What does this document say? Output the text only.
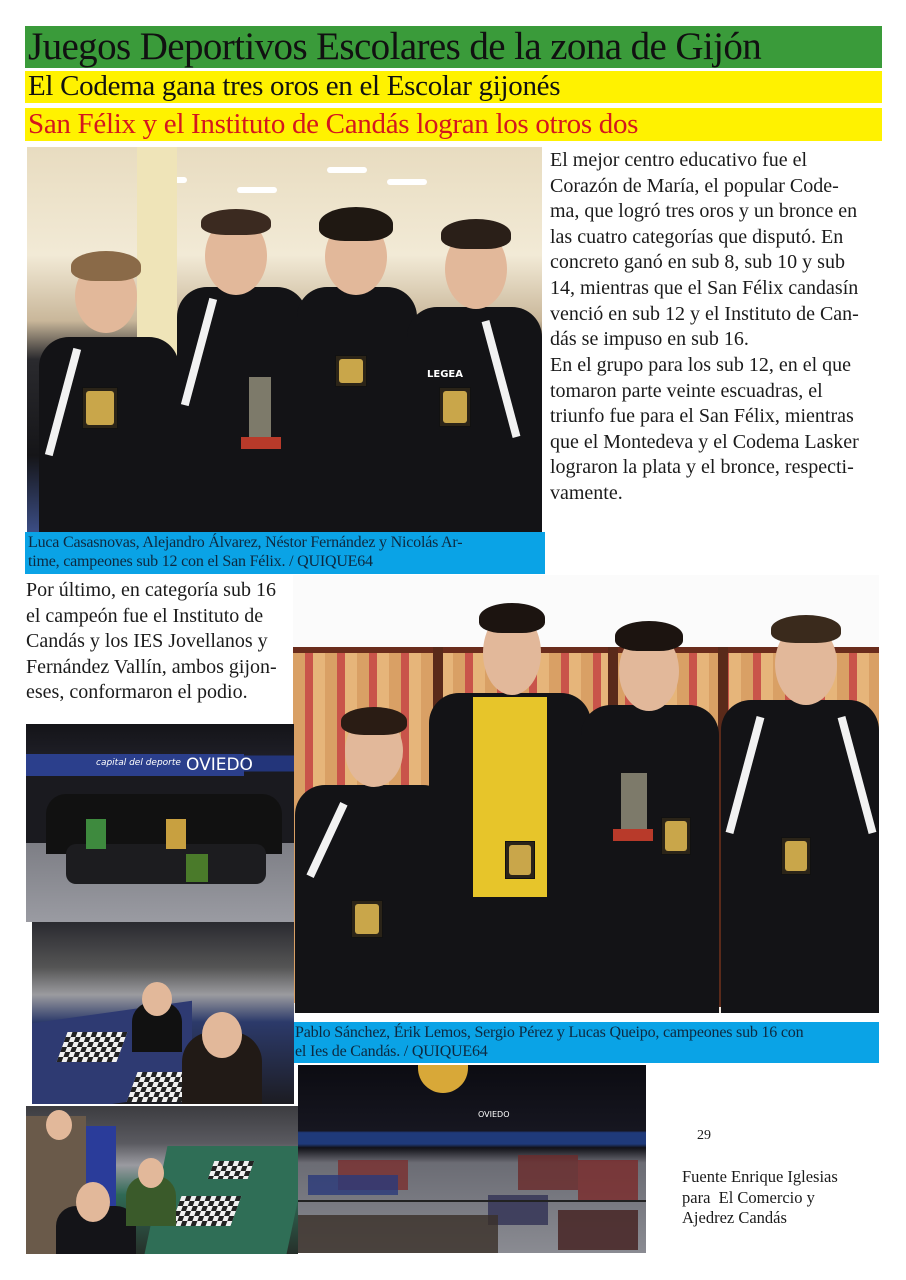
Juegos Deportivos Escolares de la zona de Gijón
El Codema gana tres oros en el Escolar gijonés
San Félix y el Instituto de Candás logran los otros dos
LEGEA
Luca Casasnovas, Alejandro Álvarez, Néstor Fernández y Nicolás Ar-
time, campeones sub 12 con el San Félix. / QUIQUE64
El mejor centro educativo fue el
Corazón de María, el popular Code-
ma, que logró tres oros y un bronce en
las cuatro categorías que disputó. En
concreto ganó en sub 8, sub 10 y sub
14, mientras que el San Félix candasín
venció en sub 12 y el Instituto de Can-
dás se impuso en sub 16.
En el grupo para los sub 12, en el que
tomaron parte veinte escuadras, el
triunfo fue para el San Félix, mientras
que el Montedeva y el Codema Lasker
lograron la plata y el bronce, respecti-
vamente.
Por último, en categoría sub 16
el campeón fue el Instituto de
Candás y los IES Jovellanos y
Fernández Vallín, ambos gijon-
eses, conformaron el podio.
Pablo Sánchez, Érik Lemos, Sergio Pérez y Lucas Queipo, campeones sub 16 con
el Ies de Candás. / QUIQUE64
OVIEDO
capital del deporte
OVIEDO
29
Fuente Enrique Iglesias
para  El Comercio y
Ajedrez Candás
